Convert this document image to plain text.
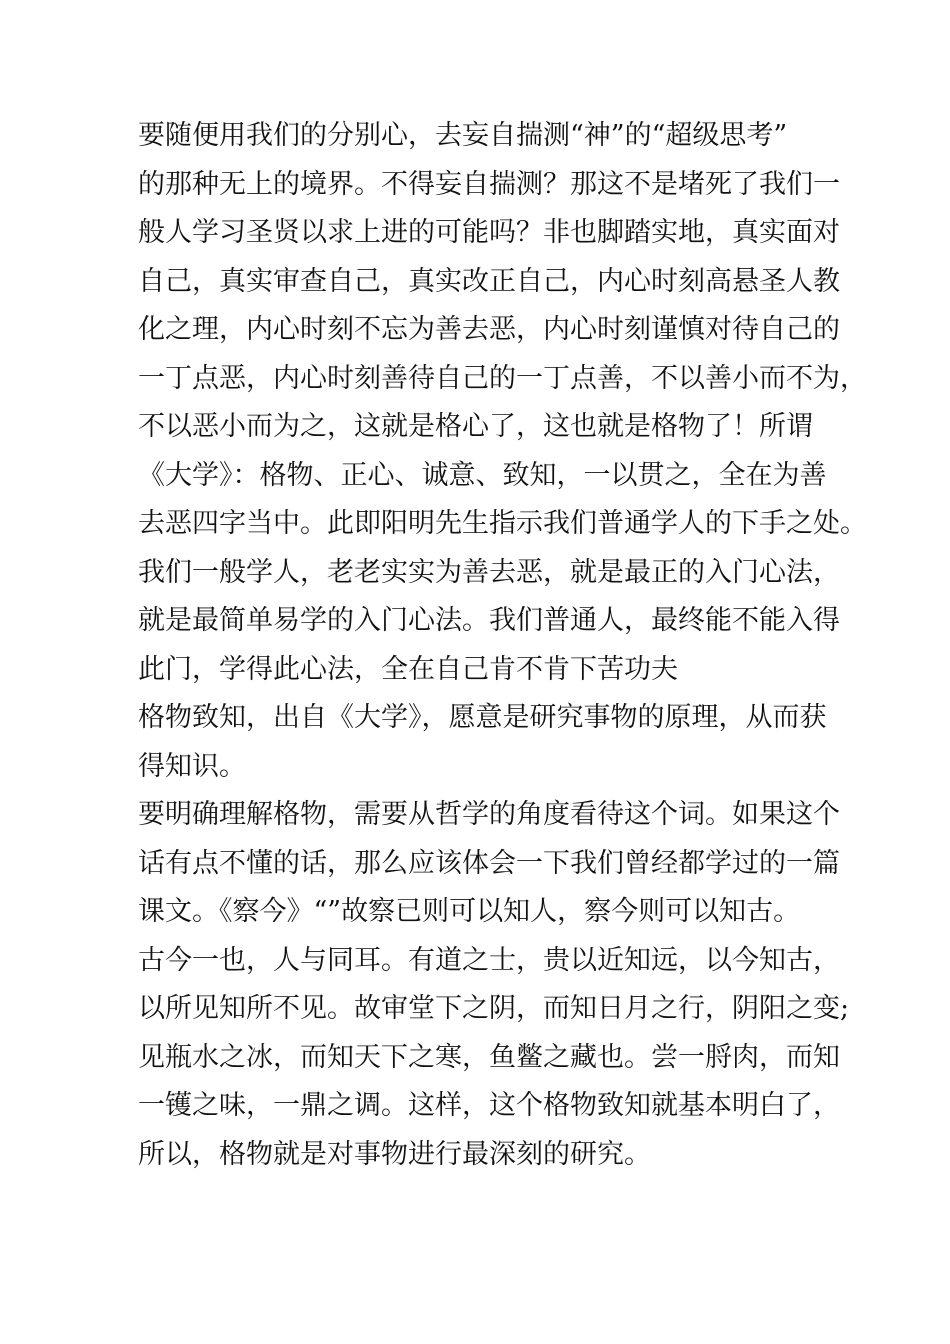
要随便用我们的分别心，去妄自揣测“神”的“超级思考”
的那种无上的境界。不得妄自揣测？那这不是堵死了我们一
般人学习圣贤以求上进的可能吗？非也脚踏实地，真实面对
自己，真实审查自己，真实改正自己，内心时刻高悬圣人教
化之理，内心时刻不忘为善去恶，内心时刻谨慎对待自己的
一丁点恶，内心时刻善待自己的一丁点善，不以善小而不为，
不以恶小而为之，这就是格心了，这也就是格物了！所谓
《大学》：格物、正心、诚意、致知，一以贯之，全在为善
去恶四字当中。此即阳明先生指示我们普通学人的下手之处。
我们一般学人，老老实实为善去恶，就是最正的入门心法，
就是最简单易学的入门心法。我们普通人，最终能不能入得
此门，学得此心法，全在自己肯不肯下苦功夫
格物致知，出自《大学》，愿意是研究事物的原理，从而获
得知识。
要明确理解格物，需要从哲学的角度看待这个词。如果这个
话有点不懂的话，那么应该体会一下我们曾经都学过的一篇
课文。《察今》“”故察已则可以知人，察今则可以知古。
古今一也，人与同耳。有道之士，贵以近知远，以今知古，
以所见知所不见。故审堂下之阴，而知日月之行，阴阳之变;
见瓶水之冰，而知天下之寒，鱼鳖之藏也。尝一脟肉，而知
一镬之味，一鼎之调。这样，这个格物致知就基本明白了，
所以，格物就是对事物进行最深刻的研究。
